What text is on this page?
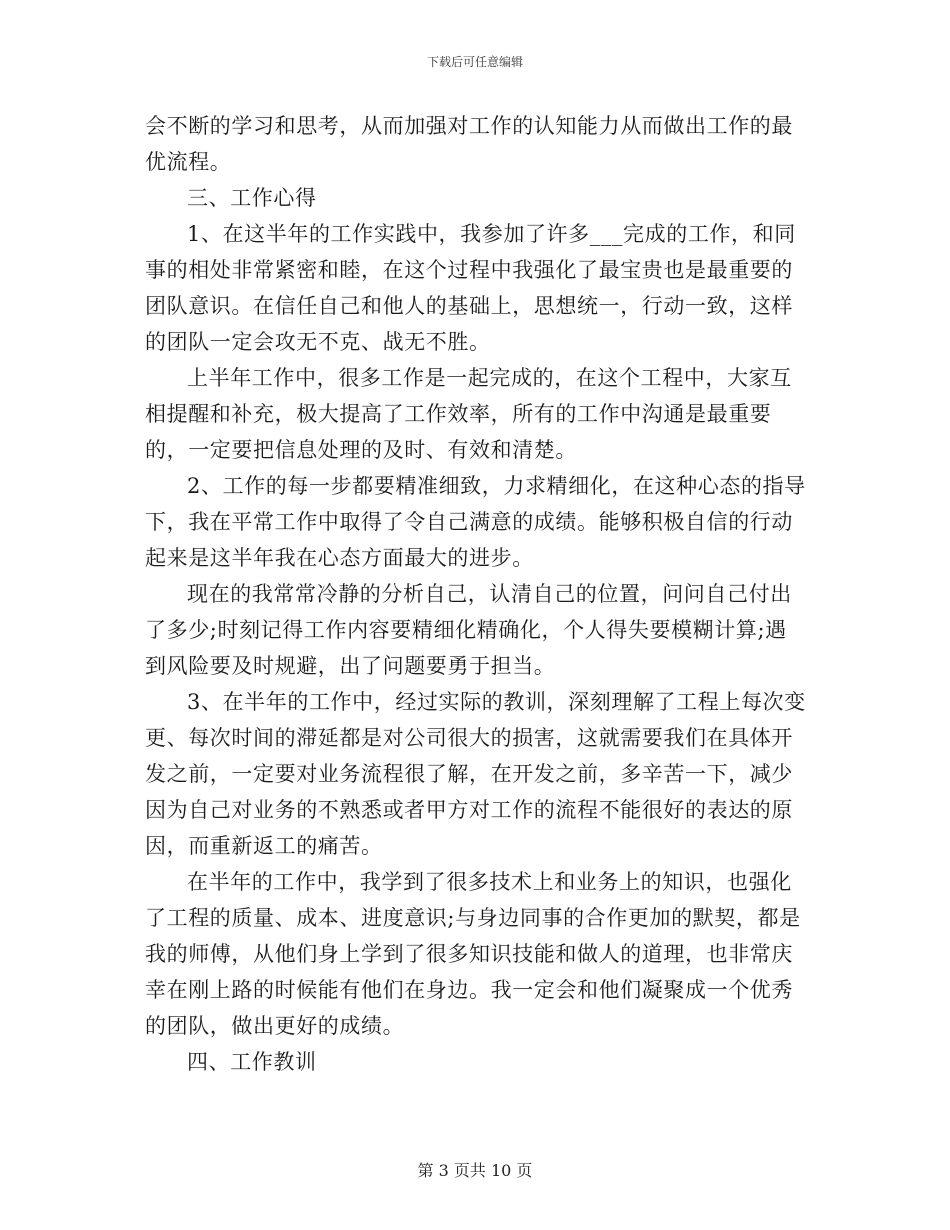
下载后可任意编辑

会不断的学习和思考，从而加强对工作的认知能力从而做出工作的最优流程。

三、工作心得

1、在这半年的工作实践中，我参加了许多___完成的工作，和同事的相处非常紧密和睦，在这个过程中我强化了最宝贵也是最重要的团队意识。在信任自己和他人的基础上，思想统一，行动一致，这样的团队一定会攻无不克、战无不胜。

上半年工作中，很多工作是一起完成的，在这个工程中，大家互相提醒和补充，极大提高了工作效率，所有的工作中沟通是最重要的，一定要把信息处理的及时、有效和清楚。

2、工作的每一步都要精准细致，力求精细化，在这种心态的指导下，我在平常工作中取得了令自己满意的成绩。能够积极自信的行动起来是这半年我在心态方面最大的进步。

现在的我常常冷静的分析自己，认清自己的位置，问问自己付出了多少;时刻记得工作内容要精细化精确化，个人得失要模糊计算;遇到风险要及时规避，出了问题要勇于担当。

3、在半年的工作中，经过实际的教训，深刻理解了工程上每次变更、每次时间的滞延都是对公司很大的损害，这就需要我们在具体开发之前，一定要对业务流程很了解，在开发之前，多辛苦一下，减少因为自己对业务的不熟悉或者甲方对工作的流程不能很好的表达的原因，而重新返工的痛苦。

在半年的工作中，我学到了很多技术上和业务上的知识，也强化了工程的质量、成本、进度意识;与身边同事的合作更加的默契，都是我的师傅，从他们身上学到了很多知识技能和做人的道理，也非常庆幸在刚上路的时候能有他们在身边。我一定会和他们凝聚成一个优秀的团队，做出更好的成绩。

四、工作教训

第 3 页共 10 页
